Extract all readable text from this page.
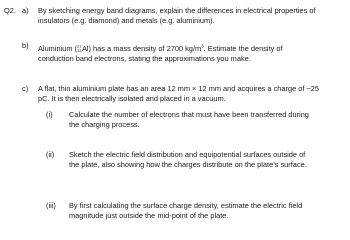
Q2. a)	By sketching energy band diagrams, explain the differences in electrical properties of insulators (e.g. diamond) and metals (e.g. aluminium).
b)	Aluminium ( 27
13 Al) has a mass density of 2700 $kg/m^3$. Estimate the density of conduction band electrons, stating the approximations you make.
c)	A flat, thin aluminium plate has an area 12 mm × 12 mm and acquires a charge of −25 pC. It is then electrically isolated and placed in a vacuum.
(i)	Calculate the number of electrons that must have been transferred during the charging process.
(ii)	Sketch the electric field distribution and equipotential surfaces outside of the plate, also showing how the charges distribute on the plate’s surface.
(iii)	By first calculating the surface charge density, estimate the electric field magnitude just outside the mid-point of the plate.
